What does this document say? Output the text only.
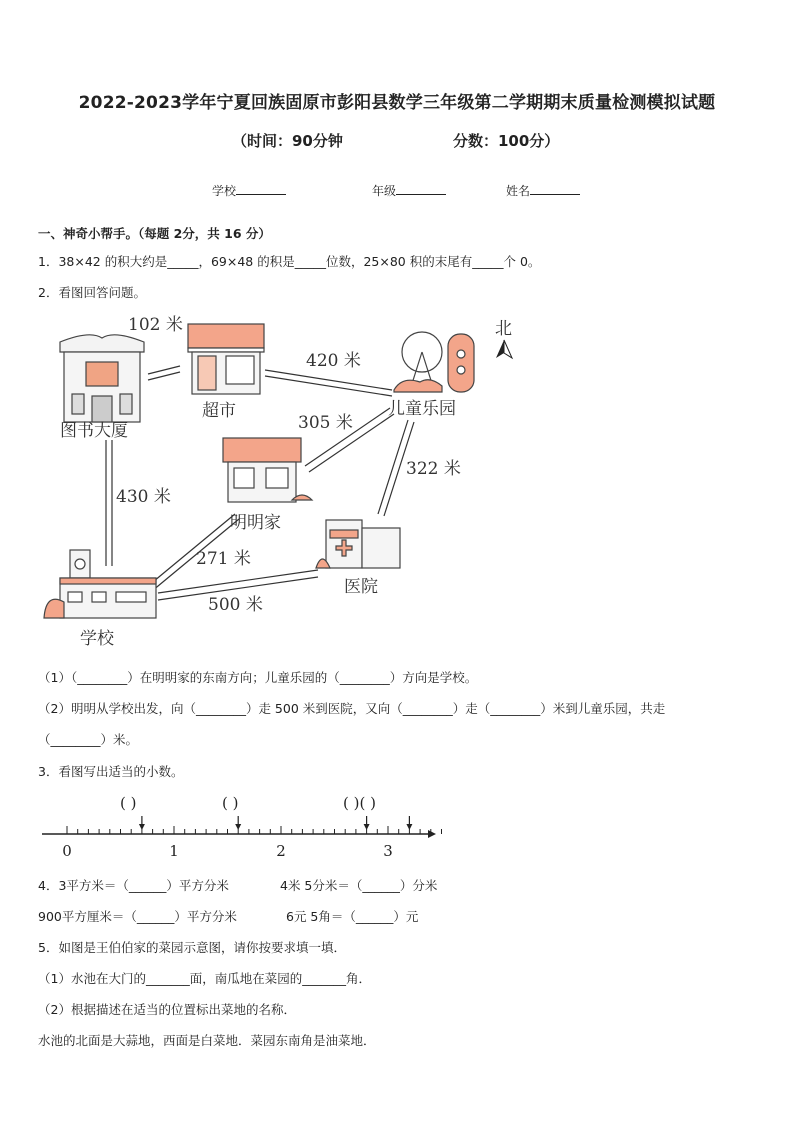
2022-2023学年宁夏回族固原市彭阳县数学三年级第二学期期末质量检测模拟试题
（时间：90分钟	分数：100分）
学校	年级	姓名
一、神奇小帮手。（每题 2分，共 16 分）
1．38×42 的积大约是_____，69×48 的积是_____位数，25×80 积的末尾有_____个 0。
2．看图回答问题。
图书大厦
超市	儿童乐园
北
明明家
医院
学校
102 米
420 米
305 米
322 米
430 米
271 米
500 米
（1）（________）在明明家的东南方向；儿童乐园的（________）方向是学校。
（2）明明从学校出发，向（________）走 500 米到医院，又向（________）走（________）米到儿童乐园，共走
（________）米。
3．看图写出适当的小数。
( )	( )	( )( )
0	1	2	3
4．3平方米＝（______）平方分米	4米 5分米＝（______）分米
900平方厘米＝（______）平方分米	6元 5角＝（______）元
5．如图是王伯伯家的菜园示意图，请你按要求填一填．
（1）水池在大门的_______面，南瓜地在菜园的_______角．
（2）根据描述在适当的位置标出菜地的名称．
水池的北面是大蒜地，西面是白菜地．菜园东南角是油菜地．
